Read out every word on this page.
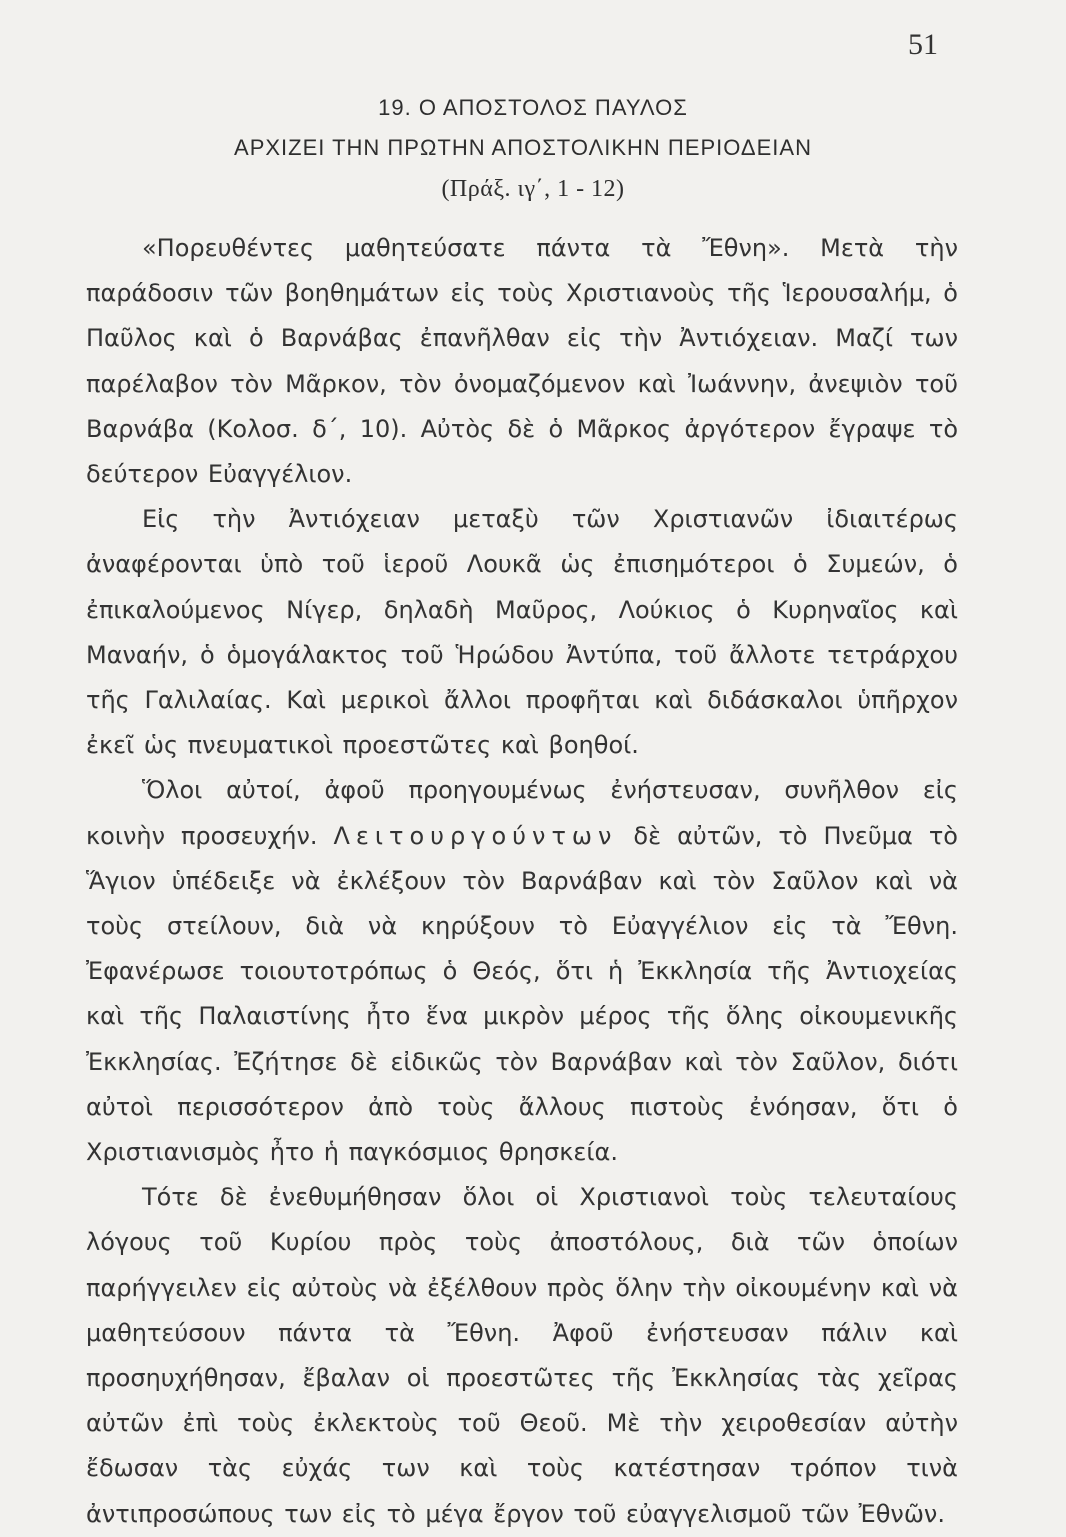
51
19. Ο ΑΠΟΣΤΟΛΟΣ ΠΑΥΛΟΣ
ΑΡΧΙΖΕΙ ΤΗΝ ΠΡΩΤΗΝ ΑΠΟΣΤΟΛΙΚΗΝ ΠΕΡΙΟΔΕΙΑΝ
(Πράξ. ιγ΄, 1 - 12)

«Πορευθέντες μαθητεύσατε πάντα τὰ Ἔθνη». Μετὰ τὴν παράδοσιν τῶν βοηθημάτων εἰς τοὺς Χριστιανοὺς τῆς Ἱερουσαλήμ, ὁ Παῦλος καὶ ὁ Βαρνάβας ἐπανῆλθαν εἰς τὴν Ἀντιόχειαν. Μαζί των παρέλαβον τὸν Μᾶρκον, τὸν ὀνομαζόμενον καὶ Ἰωάννην, ἀνεψιὸν τοῦ Βαρνάβα (Κολοσ. δ΄, 10). Αὐτὸς δὲ ὁ Μᾶρκος ἀργότερον ἔγραψε τὸ δεύτερον Εὐαγγέλιον.

Εἰς τὴν Ἀντιόχειαν μεταξὺ τῶν Χριστιανῶν ἰδιαιτέρως ἀναφέρονται ὑπὸ τοῦ ἱεροῦ Λουκᾶ ὡς ἐπισημότεροι ὁ Συμεών, ὁ ἐπικαλούμενος Νίγερ, δηλαδὴ Μαῦρος, Λούκιος ὁ Κυρηναῖος καὶ Μαναήν, ὁ ὁμογάλακτος τοῦ Ἡρώδου Ἀντύπα, τοῦ ἄλλοτε τετράρχου τῆς Γαλιλαίας. Καὶ μερικοὶ ἄλλοι προφῆται καὶ διδάσκαλοι ὑπῆρχον ἐκεῖ ὡς πνευματικοὶ προεστῶτες καὶ βοηθοί.

Ὅλοι αὐτοί, ἀφοῦ προηγουμένως ἐνήστευσαν, συνῆλθον εἰς κοινὴν προσευχήν. Λειτουργούντων δὲ αὐτῶν, τὸ Πνεῦμα τὸ Ἅγιον ὑπέδειξε νὰ ἐκλέξουν τὸν Βαρνάβαν καὶ τὸν Σαῦλον καὶ νὰ τοὺς στείλουν, διὰ νὰ κηρύξουν τὸ Εὐαγγέλιον εἰς τὰ Ἔθνη. Ἐφανέρωσε τοιουτοτρόπως ὁ Θεός, ὅτι ἡ Ἐκκλησία τῆς Ἀντιοχείας καὶ τῆς Παλαιστίνης ἦτο ἕνα μικρὸν μέρος τῆς ὅλης οἰκουμενικῆς Ἐκκλησίας. Ἐζήτησε δὲ εἰδικῶς τὸν Βαρνάβαν καὶ τὸν Σαῦλον, διότι αὐτοὶ περισσότερον ἀπὸ τοὺς ἄλλους πιστοὺς ἐνόησαν, ὅτι ὁ Χριστιανισμὸς ἦτο ἡ παγκόσμιος θρησκεία.

Τότε δὲ ἐνεθυμήθησαν ὅλοι οἱ Χριστιανοὶ τοὺς τελευταίους λόγους τοῦ Κυρίου πρὸς τοὺς ἀποστόλους, διὰ τῶν ὁποίων παρήγγειλεν εἰς αὐτοὺς νὰ ἐξέλθουν πρὸς ὅλην τὴν οἰκουμένην καὶ νὰ μαθητεύσουν πάντα τὰ Ἔθνη. Ἀφοῦ ἐνήστευσαν πάλιν καὶ προσηυχήθησαν, ἔβαλαν οἱ προεστῶτες τῆς Ἐκκλησίας τὰς χεῖρας αὐτῶν ἐπὶ τοὺς ἐκλεκτοὺς τοῦ Θεοῦ. Μὲ τὴν χειροθεσίαν αὐτὴν ἔδωσαν τὰς εὐχάς των καὶ τοὺς κατέστησαν τρόπον τινὰ ἀντιπροσώπους των εἰς τὸ μέγα ἔργον τοῦ εὐαγγελισμοῦ τῶν Ἐθνῶν.
